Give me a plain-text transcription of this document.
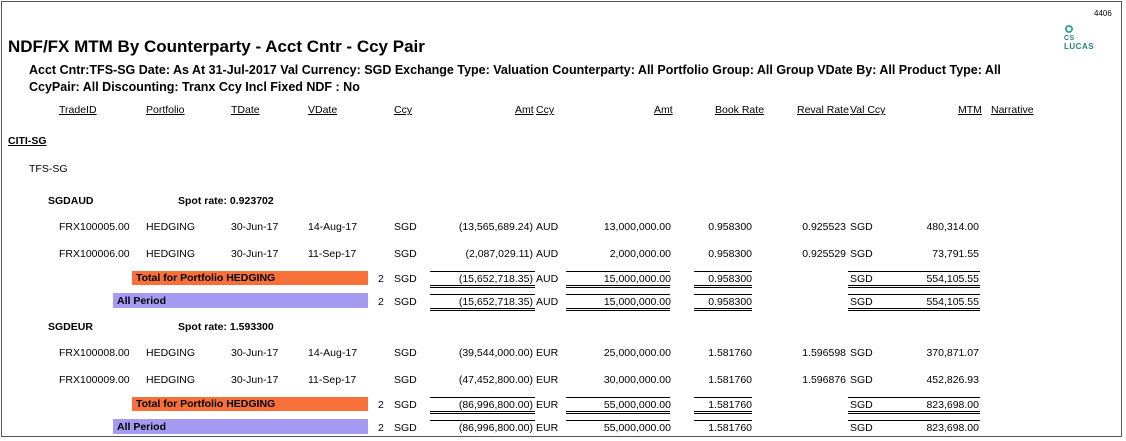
4406
CS
LUCAS
NDF/FX MTM By Counterparty - Acct Cntr - Ccy Pair
Acct Cntr:TFS-SG Date: As At 31-Jul-2017 Val Currency: SGD Exchange Type: Valuation Counterparty: All Portfolio Group: All Group VDate By: All Product Type: All
CcyPair: All Discounting: Tranx Ccy Incl Fixed NDF : No
TradeID	Portfolio	TDate	VDate	Ccy	Amt Ccy	Amt	Book Rate	Reval Rate Val Ccy	MTM Narrative
CITI-SG
TFS-SG
SGDAUD	Spot rate: 0.923702
FRX100005.00 HEDGING	30-Jun-17	14-Aug-17	SGD	(13,565,689.24) AUD	13,000,000.00	0.958300	0.925523 SGD	480,314.00
FRX100006.00 HEDGING	30-Jun-17	11-Sep-17	SGD	(2,087,029.11) AUD	2,000,000.00	0.958300	0.925529 SGD	73,791.55
Total for Portfolio HEDGING	2 SGD	(15,652,718.35) AUD	15,000,000.00	0.958300	SGD	554,105.55
All Period	2 SGD	(15,652,718.35) AUD	15,000,000.00	0.958300	SGD	554,105.55
SGDEUR	Spot rate: 1.593300
FRX100008.00 HEDGING	30-Jun-17	14-Aug-17	SGD	(39,544,000.00) EUR	25,000,000.00	1.581760	1.596598 SGD	370,871.07
FRX100009.00 HEDGING	30-Jun-17	11-Sep-17	SGD	(47,452,800.00) EUR	30,000,000.00	1.581760	1.596876 SGD	452,826.93
Total for Portfolio HEDGING	2 SGD	(86,996,800.00) EUR	55,000,000.00	1.581760	SGD	823,698.00
All Period	2 SGD	(86,996,800.00) EUR	55,000,000.00	1.581760	SGD	823,698.00
